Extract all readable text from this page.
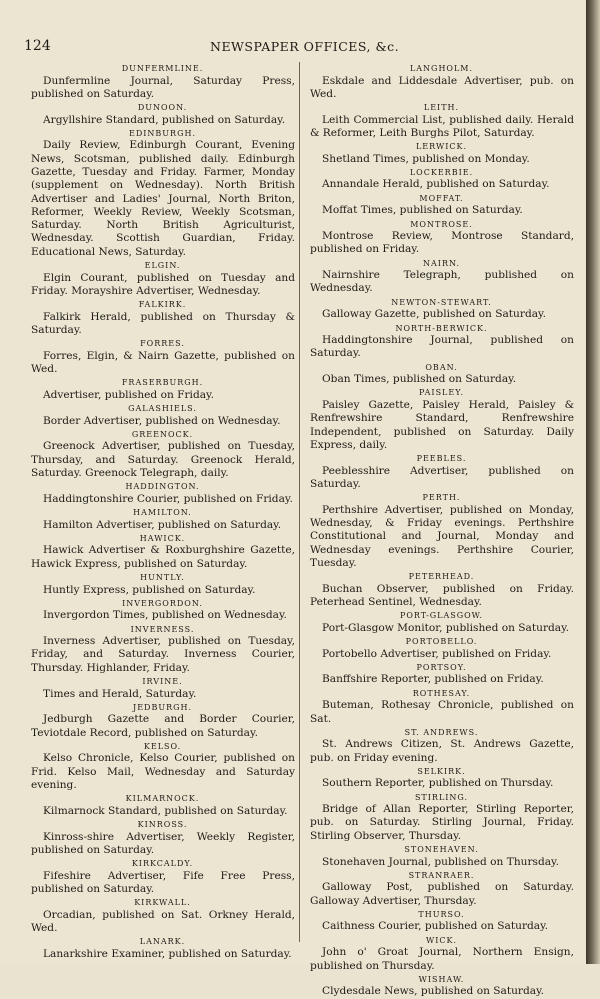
124	NEWSPAPER OFFICES, &c.
DUNFERMLINE.
Dunfermline Journal, Saturday Press, published on Saturday.
DUNOON.
Argyllshire Standard, published on Saturday.
EDINBURGH.
Daily Review, Edinburgh Courant, Evening News, Scotsman, published daily. Edinburgh Gazette, Tuesday and Friday. Farmer, Monday (supplement on Wednesday). North British Advertiser and Ladies' Journal, North Briton, Reformer, Weekly Review, Weekly Scotsman, Saturday. North British Agriculturist, Wednesday. Scottish Guardian, Friday. Educational News, Saturday.
ELGIN.
Elgin Courant, published on Tuesday and Friday. Morayshire Advertiser, Wednesday.
FALKIRK.
Falkirk Herald, published on Thursday & Saturday.
FORRES.
Forres, Elgin, & Nairn Gazette, published on Wed.
FRASERBURGH.
Advertiser, published on Friday.
GALASHIELS.
Border Advertiser, published on Wednesday.
GREENOCK.
Greenock Advertiser, published on Tuesday, Thursday, and Saturday. Greenock Herald, Saturday. Greenock Telegraph, daily.
HADDINGTON.
Haddingtonshire Courier, published on Friday.
HAMILTON.
Hamilton Advertiser, published on Saturday.
HAWICK.
Hawick Advertiser & Roxburghshire Gazette, Hawick Express, published on Saturday.
HUNTLY.
Huntly Express, published on Saturday.
INVERGORDON.
Invergordon Times, published on Wednesday.
INVERNESS.
Inverness Advertiser, published on Tuesday, Friday, and Saturday. Inverness Courier, Thursday. Highlander, Friday.
IRVINE.
Times and Herald, Saturday.
JEDBURGH.
Jedburgh Gazette and Border Courier, Teviotdale Record, published on Saturday.
KELSO.
Kelso Chronicle, Kelso Courier, published on Frid. Kelso Mail, Wednesday and Saturday evening.
KILMARNOCK.
Kilmarnock Standard, published on Saturday.
KINROSS.
Kinross-shire Advertiser, Weekly Register, published on Saturday.
KIRKCALDY.
Fifeshire Advertiser, Fife Free Press, published on Saturday.
KIRKWALL.
Orcadian, published on Sat. Orkney Herald, Wed.
LANARK.
Lanarkshire Examiner, published on Saturday.
LANGHOLM.
Eskdale and Liddesdale Advertiser, pub. on Wed.
LEITH.
Leith Commercial List, published daily. Herald & Reformer, Leith Burghs Pilot, Saturday.
LERWICK.
Shetland Times, published on Monday.
LOCKERBIE.
Annandale Herald, published on Saturday.
MOFFAT.
Moffat Times, published on Saturday.
MONTROSE.
Montrose Review, Montrose Standard, published on Friday.
NAIRN.
Nairnshire Telegraph, published on Wednesday.
NEWTON-STEWART.
Galloway Gazette, published on Saturday.
NORTH-BERWICK.
Haddingtonshire Journal, published on Saturday.
OBAN.
Oban Times, published on Saturday.
PAISLEY.
Paisley Gazette, Paisley Herald, Paisley & Renfrewshire Standard, Renfrewshire Independent, published on Saturday. Daily Express, daily.
PEEBLES.
Peeblesshire Advertiser, published on Saturday.
PERTH.
Perthshire Advertiser, published on Monday, Wednesday, & Friday evenings. Perthshire Constitutional and Journal, Monday and Wednesday evenings. Perthshire Courier, Tuesday.
PETERHEAD.
Buchan Observer, published on Friday. Peterhead Sentinel, Wednesday.
PORT-GLASGOW.
Port-Glasgow Monitor, published on Saturday.
PORTOBELLO.
Portobello Advertiser, published on Friday.
PORTSOY.
Banffshire Reporter, published on Friday.
ROTHESAY.
Buteman, Rothesay Chronicle, published on Sat.
ST. ANDREWS.
St. Andrews Citizen, St. Andrews Gazette, pub. on Friday evening.
SELKIRK.
Southern Reporter, published on Thursday.
STIRLING.
Bridge of Allan Reporter, Stirling Reporter, pub. on Saturday. Stirling Journal, Friday. Stirling Observer, Thursday.
STONEHAVEN.
Stonehaven Journal, published on Thursday.
STRANRAER.
Galloway Post, published on Saturday. Galloway Advertiser, Thursday.
THURSO.
Caithness Courier, published on Saturday.
WICK.
John o' Groat Journal, Northern Ensign, published on Thursday.
WISHAW.
Clydesdale News, published on Saturday.
